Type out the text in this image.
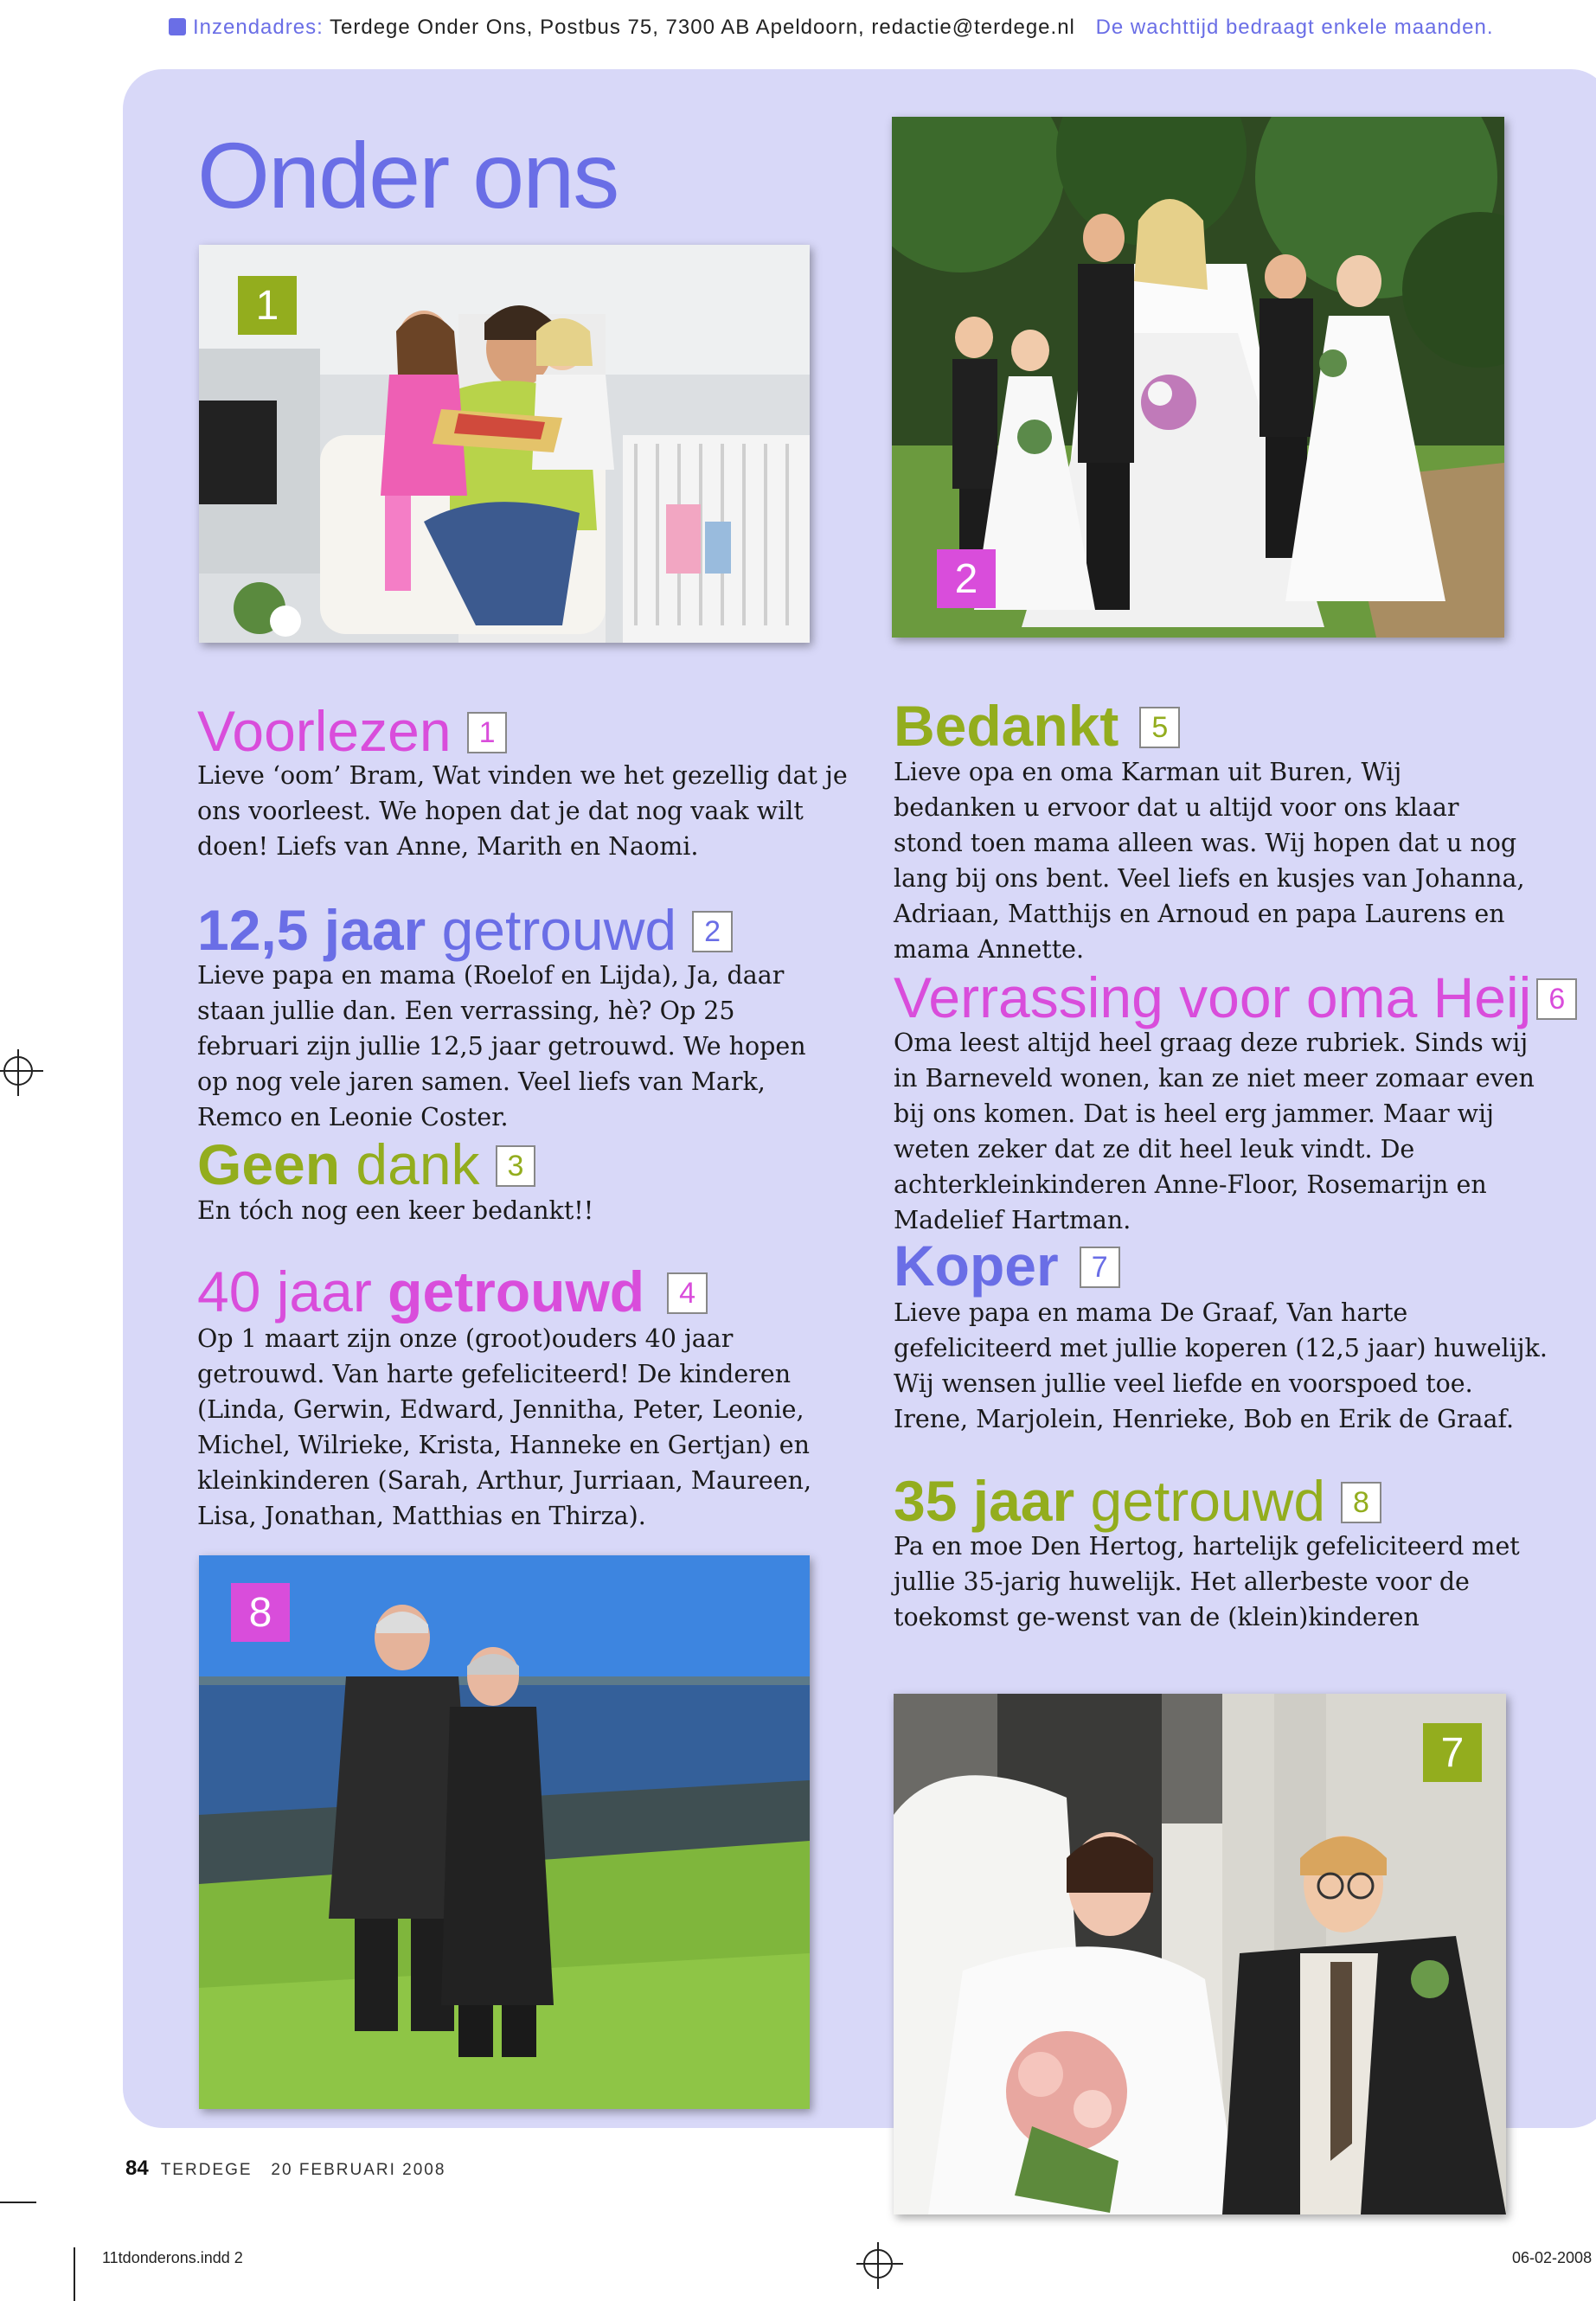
Inzendadres: Terdege Onder Ons, Postbus 75, 7300 AB Apeldoorn, redactie@terdege.nl De wachttijd bedraagt enkele maanden.
Onder ons
1
2
Voorlezen 1

Lieve ‘oom’ Bram, Wat vinden we het gezellig dat je ons voorleest. We hopen dat je dat nog vaak wilt doen! Liefs van Anne, Marith en Naomi.

12,5 jaar getrouwd 2

Lieve papa en mama (Roelof en Lijda), Ja, daar staan jullie dan. Een verrassing, hè? Op 25 februari zijn jullie 12,5 jaar getrouwd. We hopen op nog vele jaren samen. Veel liefs van Mark, Remco en Leonie Coster.

Geen dank 3

En tóch nog een keer bedankt!!

40 jaar getrouwd 4

Op 1 maart zijn onze (groot)ouders 40 jaar getrouwd. Van harte gefeliciteerd! De kinderen (Linda, Gerwin, Edward, Jennitha, Peter, Leonie, Michel, Wilrieke, Krista, Hanneke en Gertjan) en kleinkinderen (Sarah, Arthur, Jurriaan, Maureen, Lisa, Jonathan, Matthias en Thirza).

8
Bedankt 5

Lieve opa en oma Karman uit Buren, Wij bedanken u ervoor dat u altijd voor ons klaar stond toen mama alleen was. Wij hopen dat u nog lang bij ons bent. Veel liefs en kusjes van Johanna, Adriaan, Matthijs en Arnoud en papa Laurens en mama Annette.

Verrassing voor oma Heij 6

Oma leest altijd heel graag deze rubriek. Sinds wij in Barneveld wonen, kan ze niet meer zomaar even bij ons komen. Dat is heel erg jammer. Maar wij weten zeker dat ze dit heel leuk vindt. De achterkleinkinderen Anne-Floor, Rosemarijn en Madelief Hartman.

Koper 7

Lieve papa en mama De Graaf, Van harte gefeliciteerd met jullie koperen (12,5 jaar) huwelijk. Wij wensen jullie veel liefde en voorspoed toe. Irene, Marjolein, Henrieke, Bob en Erik de Graaf.

35 jaar getrouwd 8

Pa en moe Den Hertog, hartelijk gefeliciteerd met jullie 35-jarig huwelijk. Het allerbeste voor de toekomst ge-wenst van de (klein)kinderen

7
84 TERDEGE 20 FEBRUARI 2008
11tdonderons.indd 2	06-02-2008
